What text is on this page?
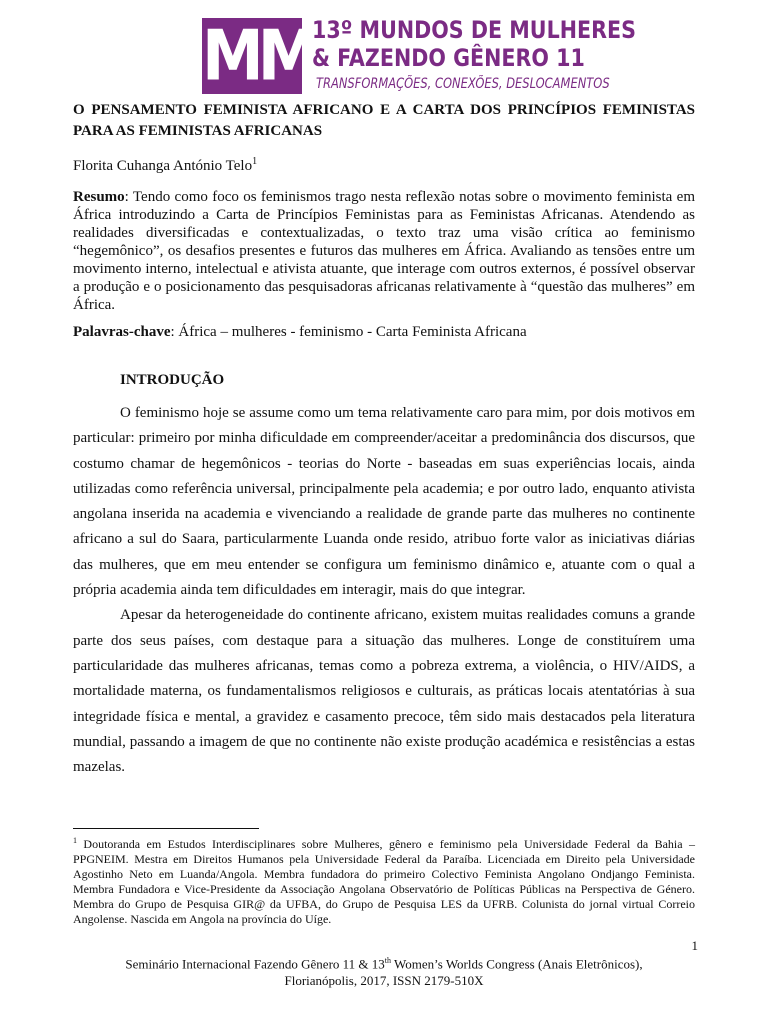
MM
13º MUNDOS DE MULHERES
& FAZENDO GÊNERO 11
TRANSFORMAÇÕES, CONEXÕES, DESLOCAMENTOS
O PENSAMENTO FEMINISTA AFRICANO E A CARTA DOS PRINCÍPIOS FEMINISTAS PARA AS FEMINISTAS AFRICANAS
Florita Cuhanga António Telo$^1$

Resumo: Tendo como foco os feminismos trago nesta reflexão notas sobre o movimento feminista em África introduzindo a Carta de Princípios Feministas para as Feministas Africanas. Atendendo as realidades diversificadas e contextualizadas, o texto traz uma visão crítica ao feminismo “hegemônico”, os desafios presentes e futuros das mulheres em África. Avaliando as tensões entre um movimento interno, intelectual e ativista atuante, que interage com outros externos, é possível observar a produção e o posicionamento das pesquisadoras africanas relativamente à “questão das mulheres” em África.

Palavras-chave: África – mulheres - feminismo - Carta Feminista Africana
INTRODUÇÃO

O feminismo hoje se assume como um tema relativamente caro para mim, por dois motivos em particular: primeiro por minha dificuldade em compreender/aceitar a predominância dos discursos, que costumo chamar de hegemônicos - teorias do Norte - baseadas em suas experiências locais, ainda utilizadas como referência universal, principalmente pela academia; e por outro lado, enquanto ativista angolana inserida na academia e vivenciando a realidade de grande parte das mulheres no continente africano a sul do Saara, particularmente Luanda onde resido, atribuo forte valor as iniciativas diárias das mulheres, que em meu entender se configura um feminismo dinâmico e, atuante com o qual a própria academia ainda tem dificuldades em interagir, mais do que integrar.

Apesar da heterogeneidade do continente africano, existem muitas realidades comuns a grande parte dos seus países, com destaque para a situação das mulheres. Longe de constituírem uma particularidade das mulheres africanas, temas como a pobreza extrema, a violência, o HIV/AIDS, a mortalidade materna, os fundamentalismos religiosos e culturais, as práticas locais atentatórias à sua integridade física e mental, a gravidez e casamento precoce, têm sido mais destacados pela literatura mundial, passando a imagem de que no continente não existe produção académica e resistências a estas mazelas.

$^1$ Doutoranda em Estudos Interdisciplinares sobre Mulheres, gênero e feminismo pela Universidade Federal da Bahia – PPGNEIM. Mestra em Direitos Humanos pela Universidade Federal da Paraíba. Licenciada em Direito pela Universidade Agostinho Neto em Luanda/Angola. Membra fundadora do primeiro Colectivo Feminista Angolano Ondjango Feminista. Membra Fundadora e Vice-Presidente da Associação Angolana Observatório de Políticas Públicas na Perspectiva de Género. Membra do Grupo de Pesquisa GIR@ da UFBA, do Grupo de Pesquisa LES da UFRB. Colunista do jornal virtual Correio Angolense. Nascida em Angola na província do Uíge.

1
Seminário Internacional Fazendo Gênero 11 & 13th Women’s Worlds Congress (Anais Eletrônicos),
Florianópolis, 2017, ISSN 2179-510X
